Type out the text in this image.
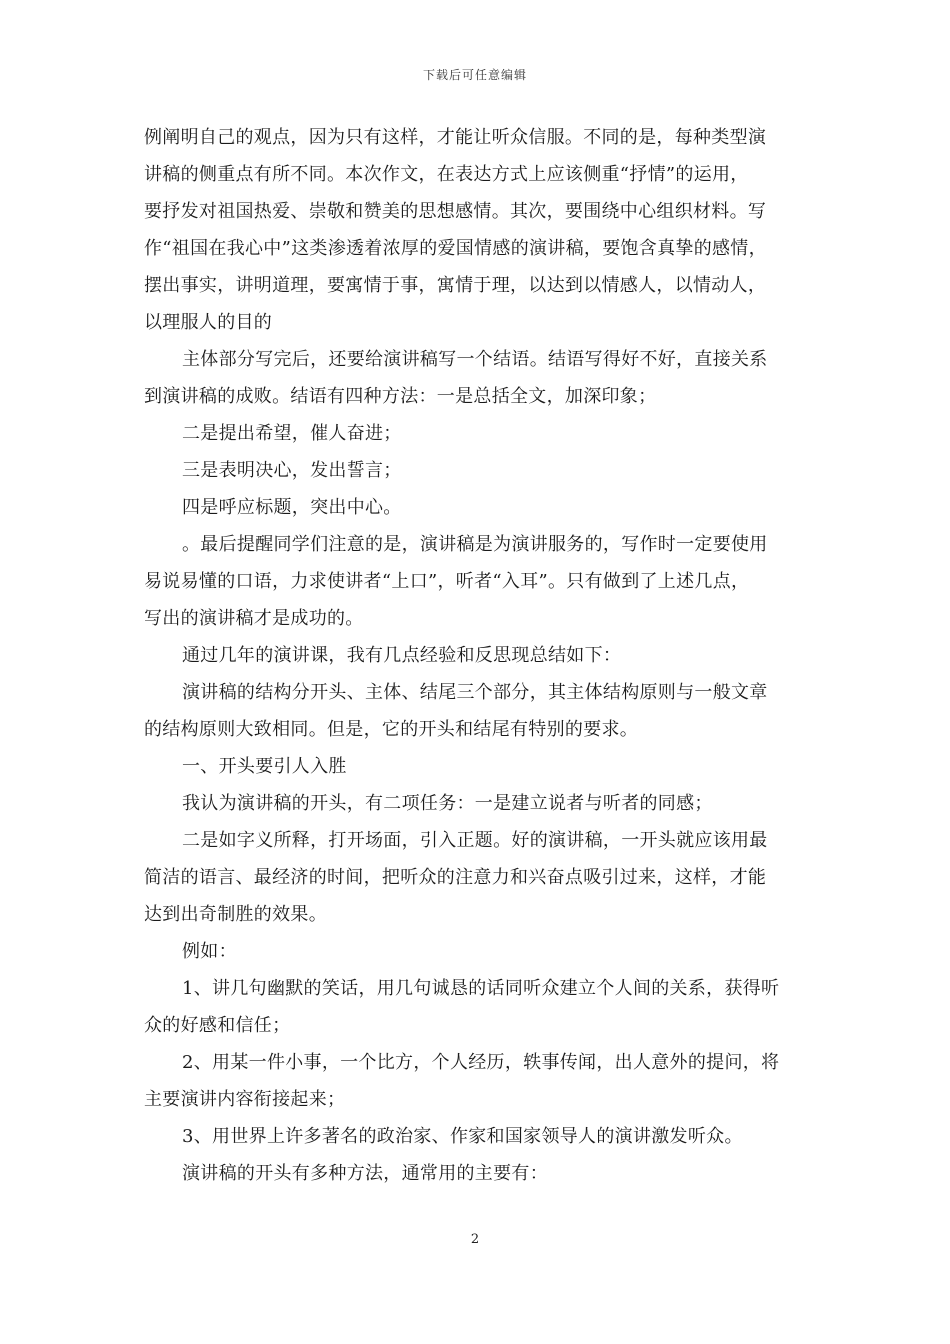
下载后可任意编辑
例阐明自己的观点，因为只有这样，才能让听众信服。不同的是，每种类型演
讲稿的侧重点有所不同。本次作文，在表达方式上应该侧重“抒情”的运用，
要抒发对祖国热爱、崇敬和赞美的思想感情。其次，要围绕中心组织材料。写
作“祖国在我心中”这类渗透着浓厚的爱国情感的演讲稿，要饱含真挚的感情，
摆出事实，讲明道理，要寓情于事，寓情于理，以达到以情感人，以情动人，
以理服人的目的
主体部分写完后，还要给演讲稿写一个结语。结语写得好不好，直接关系
到演讲稿的成败。结语有四种方法：一是总括全文，加深印象；
二是提出希望，催人奋进；
三是表明决心，发出誓言；
四是呼应标题，突出中心。
。最后提醒同学们注意的是，演讲稿是为演讲服务的，写作时一定要使用
易说易懂的口语，力求使讲者“上口”，听者“入耳”。只有做到了上述几点，
写出的演讲稿才是成功的。
通过几年的演讲课，我有几点经验和反思现总结如下：
演讲稿的结构分开头、主体、结尾三个部分，其主体结构原则与一般文章
的结构原则大致相同。但是，它的开头和结尾有特别的要求。
一、开头要引人入胜
我认为演讲稿的开头，有二项任务：一是建立说者与听者的同感；
二是如字义所释，打开场面，引入正题。好的演讲稿，一开头就应该用最
简洁的语言、最经济的时间，把听众的注意力和兴奋点吸引过来，这样，才能
达到出奇制胜的效果。
例如：
1、讲几句幽默的笑话，用几句诚恳的话同听众建立个人间的关系，获得听
众的好感和信任；
2、用某一件小事，一个比方，个人经历，轶事传闻，出人意外的提问，将
主要演讲内容衔接起来；
3、用世界上许多著名的政治家、作家和国家领导人的演讲激发听众。
演讲稿的开头有多种方法，通常用的主要有：
2
